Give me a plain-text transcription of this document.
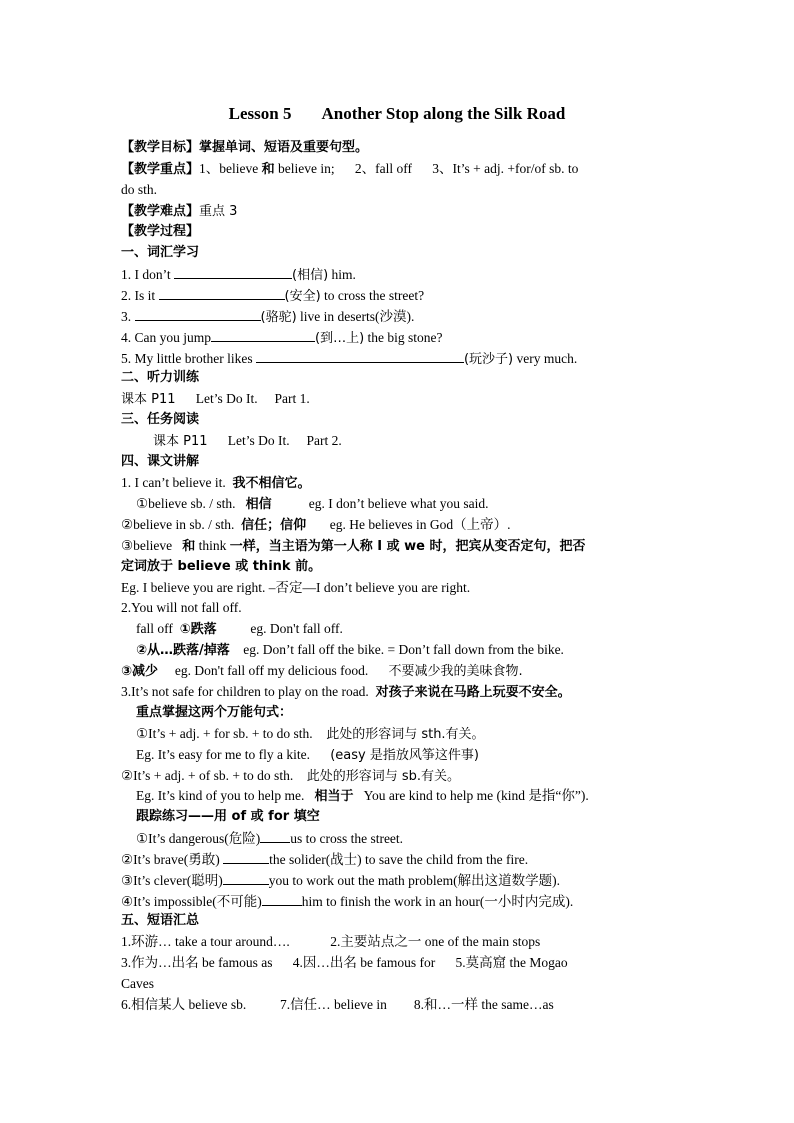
Lesson 5 Another Stop along the Silk Road
【教学目标】掌握单词、短语及重要句型。
【教学重点】1、believe 和 believe in; 2、fall off 3、It’s + adj. +for/of sb. to
do sth.
【教学难点】重点 3
【教学过程】
一、词汇学习
1. I don’t	(相信) him.
2. Is it	(安全) to cross the street?
3.	(骆驼) live in deserts(沙漠).
4. Can you jump	(到…上) the big stone?
5. My little brother likes	(玩沙子) very much.
二、听力训练
课本 P11 Let’s Do It. Part 1.
三、任务阅读
课本 P11 Let’s Do It. Part 2.
四、课文讲解
1. I can’t believe it. 我不相信它。
①believe sb. / sth. 相信	eg. I don’t believe what you said.
②believe in sb. / sth. 信任；信仰 eg. He believes in God（上帝）.
③believe 和 think 一样，当主语为第一人称 I 或 we 时，把宾从变否定句，把否
定词放于 believe 或 think 前。
Eg. I believe you are right. –否定—I don’t believe you are right.
2.You will not fall off.
fall off ①跌落	eg. Don't fall off.
②从…跌落/掉落 eg. Don’t fall off the bike. = Don’t fall down from the bike.
③减少 eg. Don't fall off my delicious food. 不要减少我的美味食物.
3.It’s not safe for children to play on the road. 对孩子来说在马路上玩耍不安全。
重点掌握这两个万能句式：
①It’s + adj. + for sb. + to do sth. 此处的形容词与 sth.有关。
Eg. It’s easy for me to fly a kite. (easy 是指放风筝这件事)
②It’s + adj. + of sb. + to do sth. 此处的形容词与 sb.有关。
Eg. It’s kind of you to help me. 相当于 You are kind to help me (kind 是指“你”).
跟踪练习——用 of 或 for 填空
①It’s dangerous(危险) us to cross the street.
②It’s brave(勇敢)	the solider(战士) to save the child from the fire.
③It’s clever(聪明)	you to work out the math problem(解出这道数学题).
④It’s impossible(不可能)	him to finish the work in an hour(一小时内完成).
五、短语汇总
1.环游… take a tour around….	2.主要站点之一 one of the main stops
3.作为…出名 be famous as 4.因…出名 be famous for 5.莫高窟 the Mogao
Caves
6.相信某人 believe sb.	7.信任… believe in 8.和…一样 the same…as
